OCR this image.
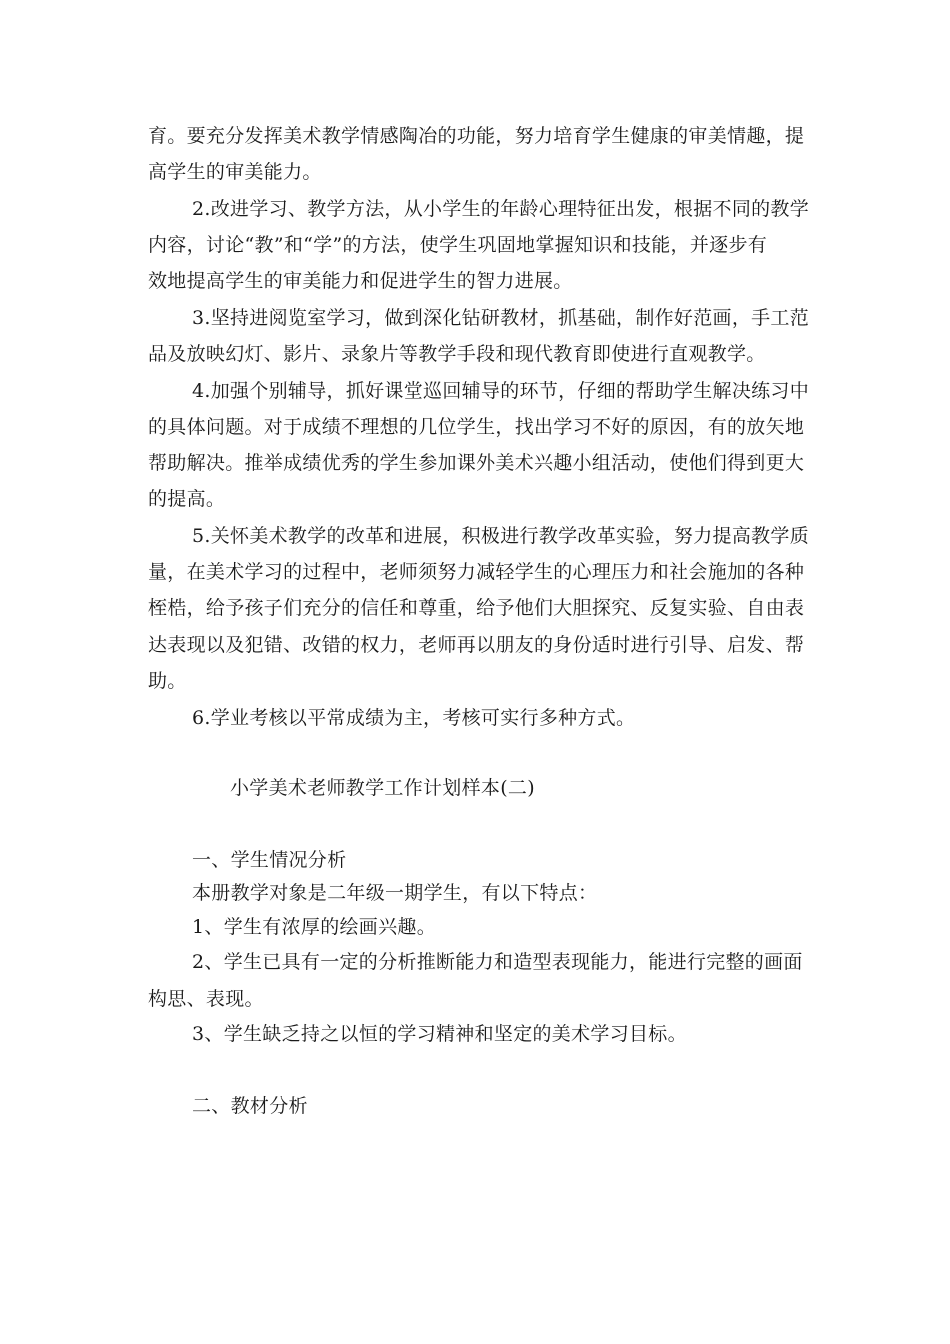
育。要充分发挥美术教学情感陶冶的功能，努力培育学生健康的审美情趣，提
高学生的审美能力。
2.改进学习、教学方法，从小学生的年龄心理特征出发，根据不同的教学
内容，讨论“教”和“学”的方法，使学生巩固地掌握知识和技能，并逐步有
效地提高学生的审美能力和促进学生的智力进展。
3.坚持进阅览室学习，做到深化钻研教材，抓基础，制作好范画，手工范
品及放映幻灯、影片、录象片等教学手段和现代教育即使进行直观教学。
4.加强个别辅导，抓好课堂巡回辅导的环节，仔细的帮助学生解决练习中
的具体问题。对于成绩不理想的几位学生，找出学习不好的原因，有的放矢地
帮助解决。推举成绩优秀的学生参加课外美术兴趣小组活动，使他们得到更大
的提高。
5.关怀美术教学的改革和进展，积极进行教学改革实验，努力提高教学质
量，在美术学习的过程中，老师须努力减轻学生的心理压力和社会施加的各种
桎梏，给予孩子们充分的信任和尊重，给予他们大胆探究、反复实验、自由表
达表现以及犯错、改错的权力，老师再以朋友的身份适时进行引导、启发、帮
助。
6.学业考核以平常成绩为主，考核可实行多种方式。
小学美术老师教学工作计划样本(二)
一、学生情况分析
本册教学对象是二年级一期学生，有以下特点：
1、学生有浓厚的绘画兴趣。
2、学生已具有一定的分析推断能力和造型表现能力，能进行完整的画面
构思、表现。
3、学生缺乏持之以恒的学习精神和坚定的美术学习目标。
二、教材分析
